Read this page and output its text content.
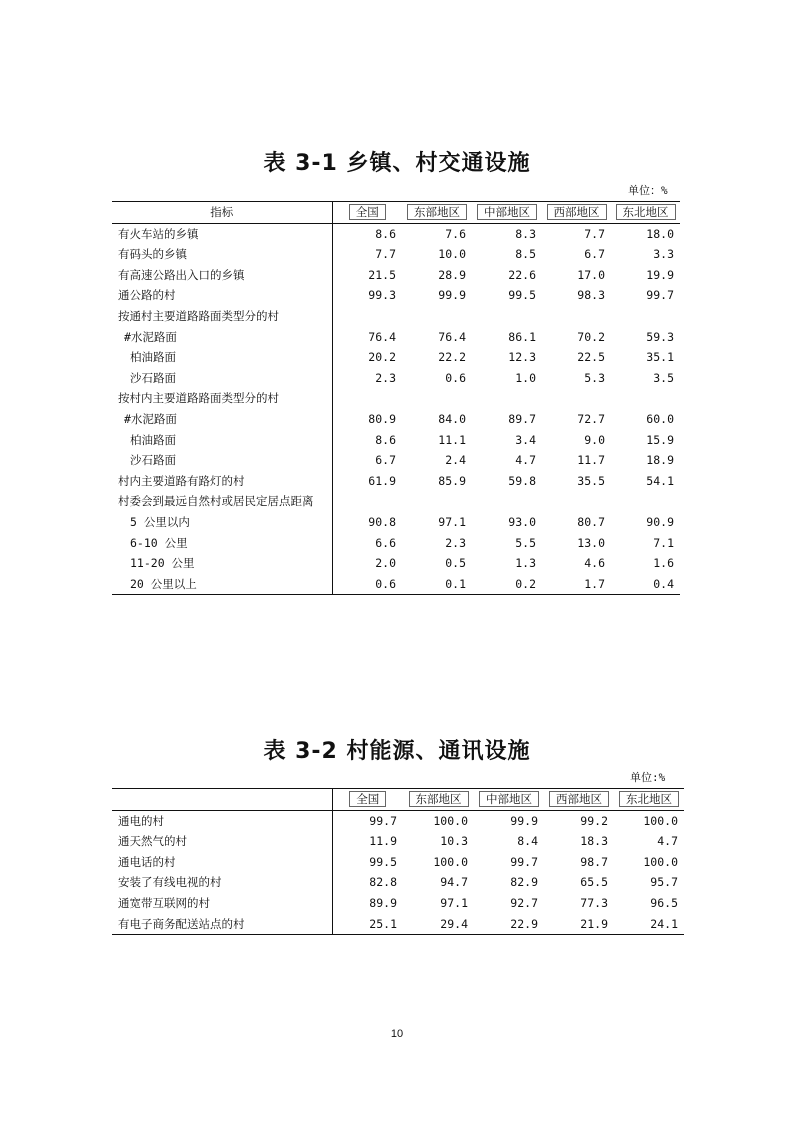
表 3-1 乡镇、村交通设施
单位：%
指标	全国	东部地区	中部地区	西部地区	东北地区
有火车站的乡镇	8.6	7.6	8.3	7.7	18.0
有码头的乡镇	7.7	10.0	8.5	6.7	3.3
有高速公路出入口的乡镇	21.5	28.9	22.6	17.0	19.9
通公路的村	99.3	99.9	99.5	98.3	99.7
按通村主要道路路面类型分的村					
#水泥路面	76.4	76.4	86.1	70.2	59.3
柏油路面	20.2	22.2	12.3	22.5	35.1
沙石路面	2.3	0.6	1.0	5.3	3.5
按村内主要道路路面类型分的村					
#水泥路面	80.9	84.0	89.7	72.7	60.0
柏油路面	8.6	11.1	3.4	9.0	15.9
沙石路面	6.7	2.4	4.7	11.7	18.9
村内主要道路有路灯的村	61.9	85.9	59.8	35.5	54.1
村委会到最远自然村或居民定居点距离					
5 公里以内	90.8	97.1	93.0	80.7	90.9
6-10 公里	6.6	2.3	5.5	13.0	7.1
11-20 公里	2.0	0.5	1.3	4.6	1.6
20 公里以上	0.6	0.1	0.2	1.7	0.4
表 3-2 村能源、通讯设施
单位:%
	全国	东部地区	中部地区	西部地区	东北地区
通电的村	99.7	100.0	99.9	99.2	100.0
通天然气的村	11.9	10.3	8.4	18.3	4.7
通电话的村	99.5	100.0	99.7	98.7	100.0
安装了有线电视的村	82.8	94.7	82.9	65.5	95.7
通宽带互联网的村	89.9	97.1	92.7	77.3	96.5
有电子商务配送站点的村	25.1	29.4	22.9	21.9	24.1
10
